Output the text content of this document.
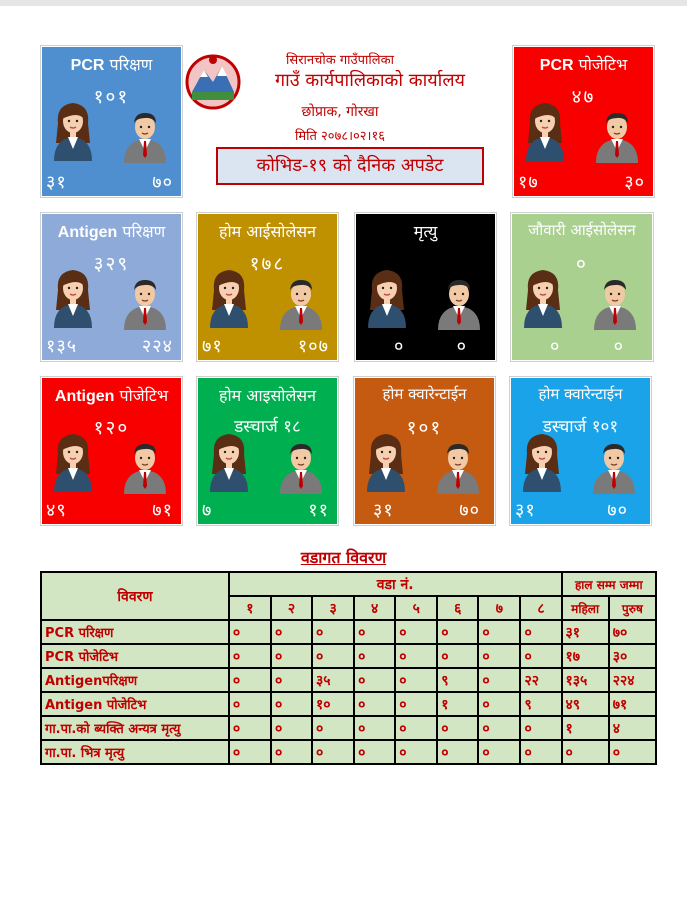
PCR परिक्षण
१०१
३१	७०
PCR पोजेटिभ
४७
१७	३०
सिरानचोक गाउँपालिका
गाउँ कार्यपालिकाको कार्यालय
छोप्राक, गोरखा
मिति २०७८।०२।१६
कोभिड-१९ को दैनिक अपडेट
Antigen परिक्षण
३२९
१३५	२२४
होम आईसोलेसन
१७८
७१	१०७
मृत्यु
०	०
जौवारी आईसोलेसन
०
०	०
Antigen पोजेटिभ
१२०
४९	७१
होम आइसोलेसन
डस्चार्ज १८
७	११
होम क्वारेन्टाईन
१०१
३१	७०
होम क्वारेन्टाईन
डस्चार्ज १०१
३१	७०
वडागत विवरण
विवरण	वडा नं.								हाल सम्म जम्मा	
	१	२	३	४	५	६	७	८	महिला	पुरुष
PCR परिक्षण	०	०	०	०	०	०	०	०	३१	७०
PCR पोजेटिभ	०	०	०	०	०	०	०	०	१७	३०
Antigenपरिक्षण	०	०	३५	०	०	९	०	२२	१३५	२२४
Antigen पोजेटिभ	०	०	१०	०	०	१	०	९	४९	७१
गा.पा.को ब्यक्ति अन्यत्र मृत्यु	०	०	०	०	०	०	०	०	१	४
गा.पा. भित्र मृत्यु	०	०	०	०	०	०	०	०	०	०
